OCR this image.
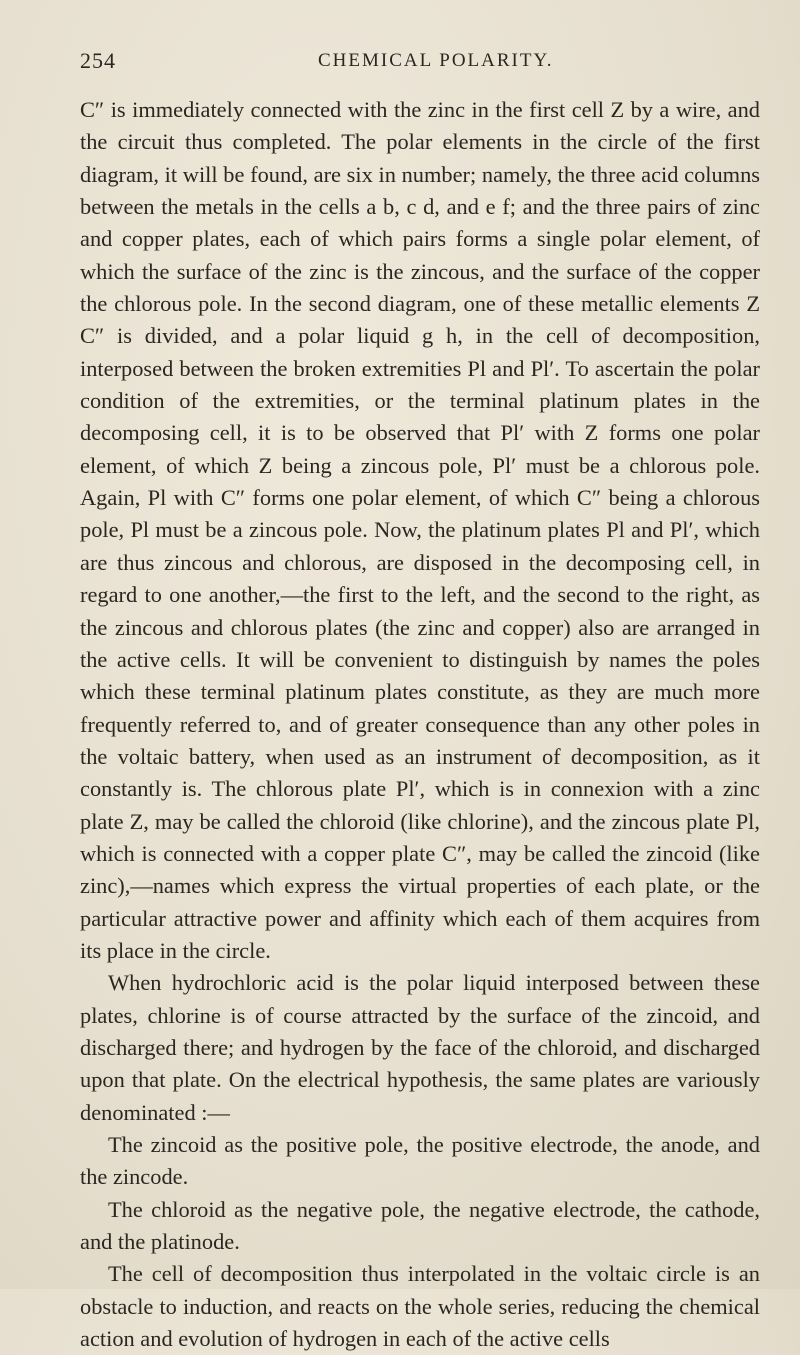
254	CHEMICAL POLARITY.

C″ is immediately connected with the zinc in the first cell Z by a wire, and the circuit thus completed. The polar elements in the circle of the first diagram, it will be found, are six in number; namely, the three acid columns between the metals in the cells a b, c d, and e f; and the three pairs of zinc and copper plates, each of which pairs forms a single polar element, of which the surface of the zinc is the zincous, and the surface of the copper the chlorous pole. In the second diagram, one of these metallic elements Z C″ is divided, and a polar liquid g h, in the cell of decomposition, interposed between the broken extremities Pl and Pl′. To ascertain the polar condition of the extremities, or the terminal platinum plates in the decomposing cell, it is to be observed that Pl′ with Z forms one polar element, of which Z being a zincous pole, Pl′ must be a chlorous pole. Again, Pl with C″ forms one polar element, of which C″ being a chlorous pole, Pl must be a zincous pole. Now, the platinum plates Pl and Pl′, which are thus zincous and chlorous, are disposed in the decomposing cell, in regard to one another,—the first to the left, and the second to the right, as the zincous and chlorous plates (the zinc and copper) also are arranged in the active cells. It will be convenient to distinguish by names the poles which these terminal platinum plates constitute, as they are much more frequently referred to, and of greater consequence than any other poles in the voltaic battery, when used as an instrument of decomposition, as it constantly is. The chlorous plate Pl′, which is in connexion with a zinc plate Z, may be called the chloroid (like chlorine), and the zincous plate Pl, which is connected with a copper plate C″, may be called the zincoid (like zinc),—names which express the virtual properties of each plate, or the particular attractive power and affinity which each of them acquires from its place in the circle.

When hydrochloric acid is the polar liquid interposed between these plates, chlorine is of course attracted by the surface of the zincoid, and discharged there; and hydrogen by the face of the chloroid, and discharged upon that plate. On the electrical hypothesis, the same plates are variously denominated :—

The zincoid as the positive pole, the positive electrode, the anode, and the zincode.

The chloroid as the negative pole, the negative electrode, the cathode, and the platinode.

The cell of decomposition thus interpolated in the voltaic circle is an obstacle to induction, and reacts on the whole series, reducing the chemical action and evolution of hydrogen in each of the active cells
